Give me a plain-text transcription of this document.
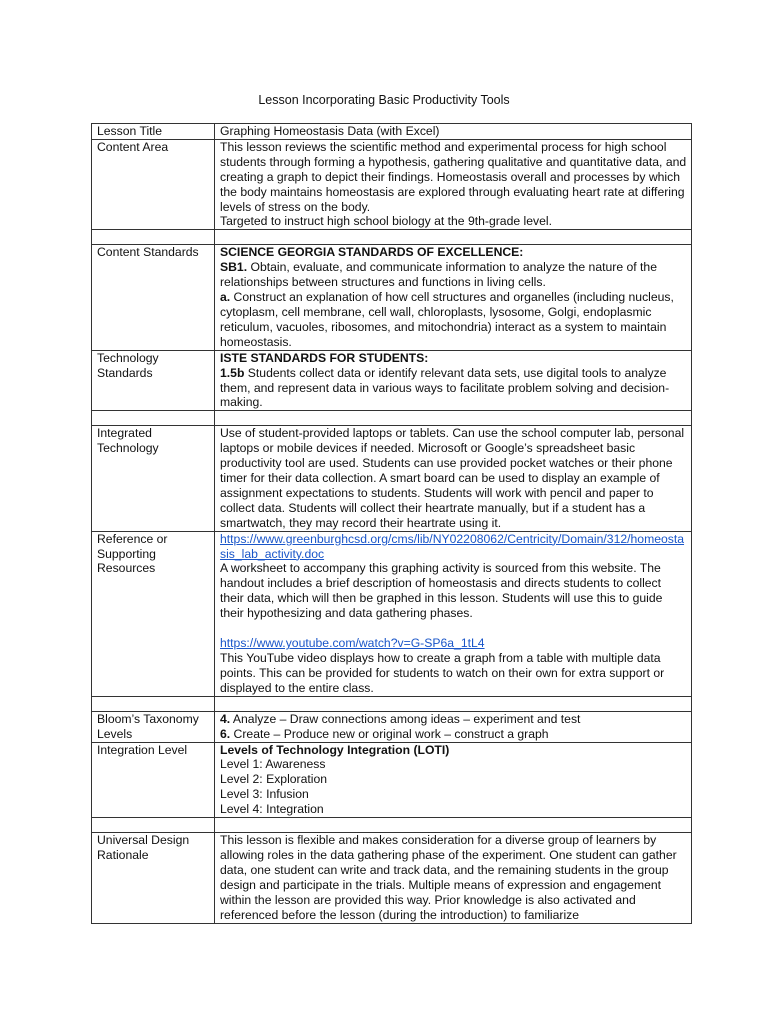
Lesson Incorporating Basic Productivity Tools
Lesson Title	Graphing Homeostasis Data (with Excel)
Content Area	This lesson reviews the scientific method and experimental process for high school students through forming a hypothesis, gathering qualitative and quantitative data, and creating a graph to depict their findings. Homeostasis overall and processes by which the body maintains homeostasis are explored through evaluating heart rate at differing levels of stress on the body.
Targeted to instruct high school biology at the 9th-grade level.

Content Standards	SCIENCE GEORGIA STANDARDS OF EXCELLENCE:
SB1. Obtain, evaluate, and communicate information to analyze the nature of the relationships between structures and functions in living cells.
a. Construct an explanation of how cell structures and organelles (including nucleus, cytoplasm, cell membrane, cell wall, chloroplasts, lysosome, Golgi, endoplasmic reticulum, vacuoles, ribosomes, and mitochondria) interact as a system to maintain homeostasis.

Technology Standards	ISTE STANDARDS FOR STUDENTS:
1.5b Students collect data or identify relevant data sets, use digital tools to analyze them, and represent data in various ways to facilitate problem solving and decision-making.

Integrated Technology	Use of student-provided laptops or tablets. Can use the school computer lab, personal laptops or mobile devices if needed. Microsoft or Google’s spreadsheet basic productivity tool are used. Students can use provided pocket watches or their phone timer for their data collection. A smart board can be used to display an example of assignment expectations to students. Students will work with pencil and paper to collect data. Students will collect their heartrate manually, but if a student has a smartwatch, they may record their heartrate using it.
Reference or Supporting Resources	https://www.greenburghcsd.org/cms/lib/NY02208062/Centricity/Domain/312/homeostasis_lab_activity.doc
A worksheet to accompany this graphing activity is sourced from this website. The handout includes a brief description of homeostasis and directs students to collect their data, which will then be graphed in this lesson. Students will use this to guide their hypothesizing and data gathering phases.
https://www.youtube.com/watch?v=G-SP6a_1tL4
This YouTube video displays how to create a graph from a table with multiple data points. This can be provided for students to watch on their own for extra support or displayed to the entire class.

Bloom’s Taxonomy Levels	4. Analyze – Draw connections among ideas – experiment and test
6. Create – Produce new or original work – construct a graph

Integration Level	Levels of Technology Integration (LOTI)
Level 1: Awareness
Level 2: Exploration
Level 3: Infusion
Level 4: Integration

Universal Design Rationale	This lesson is flexible and makes consideration for a diverse group of learners by allowing roles in the data gathering phase of the experiment. One student can gather data, one student can write and track data, and the remaining students in the group design and participate in the trials. Multiple means of expression and engagement within the lesson are provided this way. Prior knowledge is also activated and referenced before the lesson (during the introduction) to familiarize
